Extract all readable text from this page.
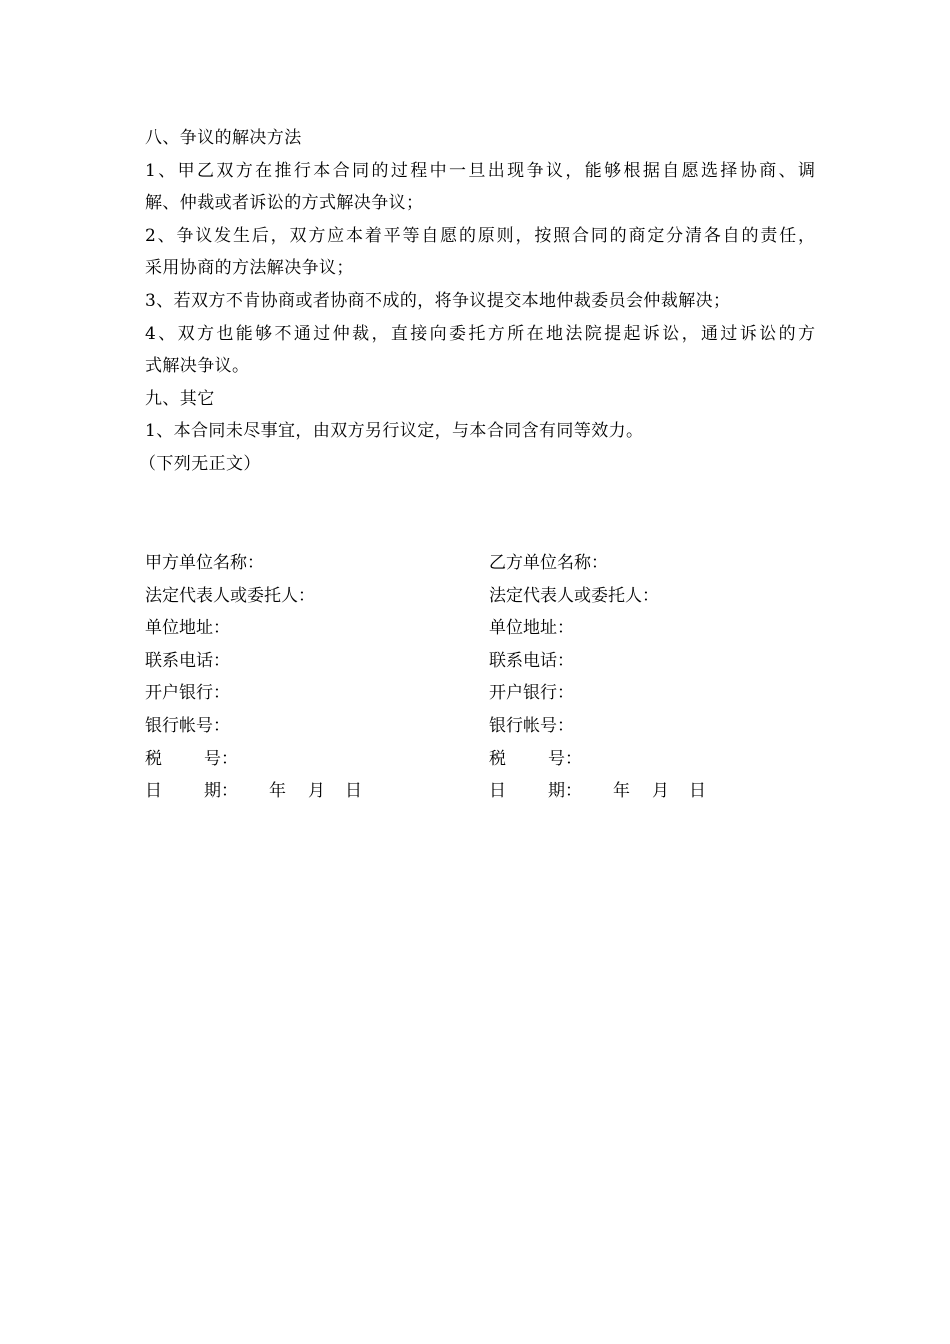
八、争议的解决方法
1、甲乙双方在推行本合同的过程中一旦出现争议，能够根据自愿选择协商、调
解、仲裁或者诉讼的方式解决争议；
2、争议发生后，双方应本着平等自愿的原则，按照合同的商定分清各自的责任，
采用协商的方法解决争议；
3、若双方不肯协商或者协商不成的，将争议提交本地仲裁委员会仲裁解决；
4、双方也能够不通过仲裁，直接向委托方所在地法院提起诉讼，通过诉讼的方
式解决争议。
九、其它
1、本合同未尽事宜，由双方另行议定，与本合同含有同等效力。
（下列无正文）
甲方单位名称：
法定代表人或委托人：
单位地址：
联系电话：
开户银行：
银行帐号：
税 号：
日 期： 年 月 日
乙方单位名称：
法定代表人或委托人：
单位地址：
联系电话：
开户银行：
银行帐号：
税 号：
日 期： 年 月 日
